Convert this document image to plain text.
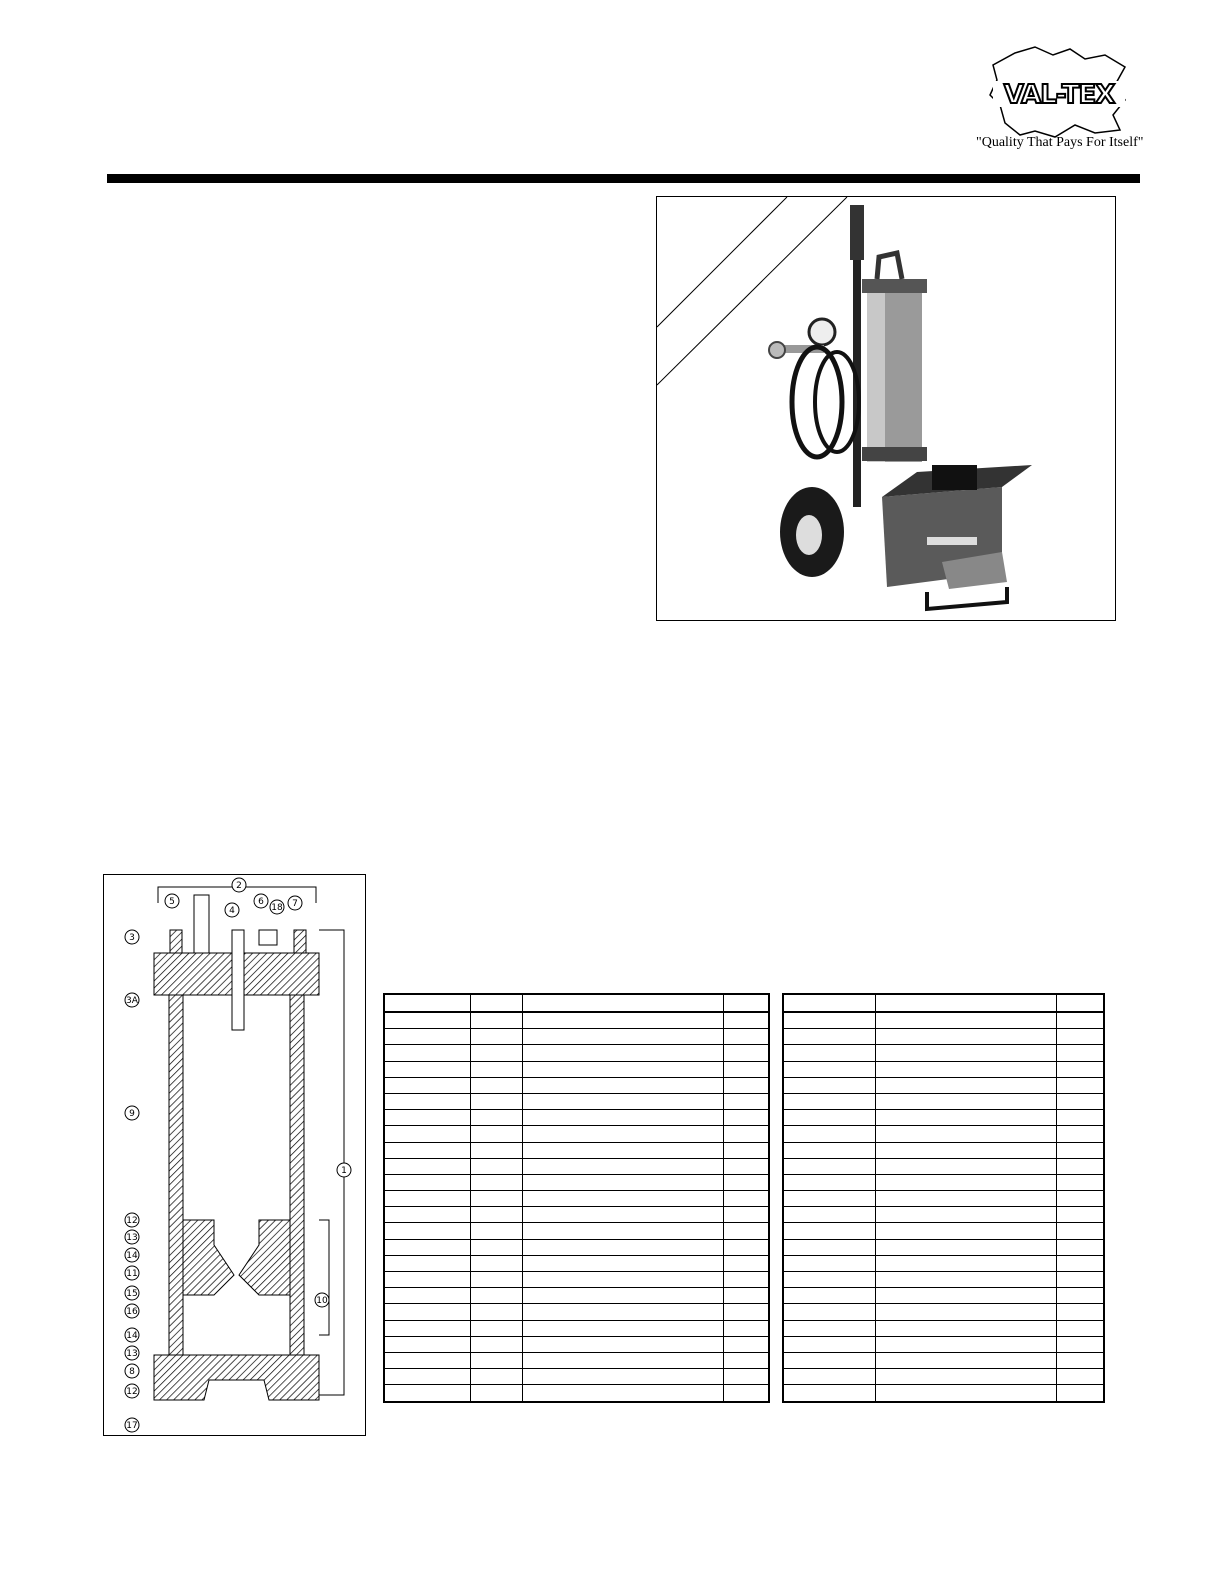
VAL-TEX
"Quality That Pays For Itself"
2
5
4
6
18 7
3
3A
9
1
12
13
14
11
15
16
10
14
13
8
12
17
